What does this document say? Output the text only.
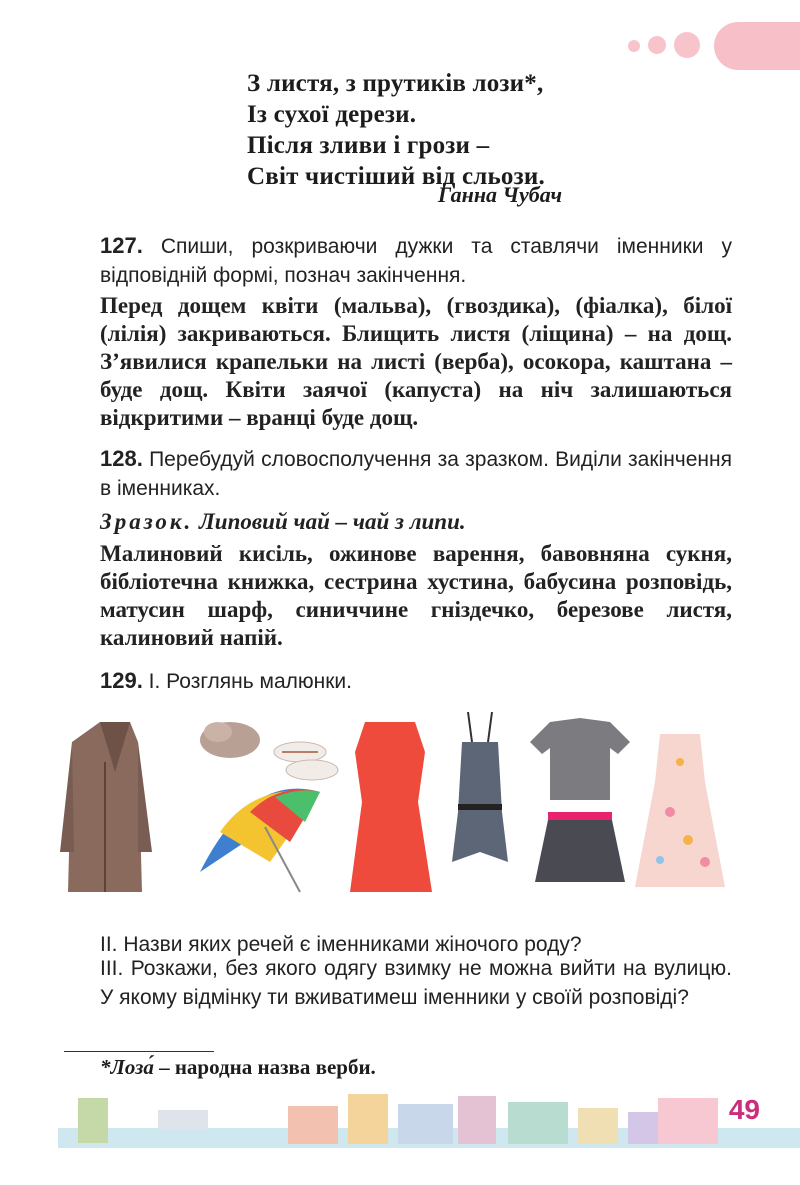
З листя, з прутиків лози*,
Із сухої дерези.
Після зливи і грози –
Світ чистіший від сльози.
Ганна Чубач
127. Спиши, розкриваючи дужки та ставлячи іменники у відповідній формі, познач закінчення.
Перед дощем квіти (мальва), (гвоздика), (фіалка), білої (лілія) закриваються. Блищить листя (ліщина) – на дощ. З’явилися крапельки на листі (верба), осокора, каштана – буде дощ. Квіти заячої (капуста) на ніч залишаються відкритими – вранці буде дощ.
128. Перебудуй словосполучення за зразком. Виділи закінчення в іменниках.
Зразок. Липовий чай – чай з липи.
Малиновий кисіль, ожинове варення, бавовняна сукня, бібліотечна книжка, сестрина хустина, бабусина розповідь, матусин шарф, синиччине гніздечко, березове листя, калиновий напій.
129. І. Розглянь малюнки.
ІІ. Назви яких речей є іменниками жіночого роду?
ІІІ. Розкажи, без якого одягу взимку не можна вийти на вулицю. У якому відмінку ти вживатимеш іменники у своїй розповіді?
*Лоза́ – народна назва верби.
49
